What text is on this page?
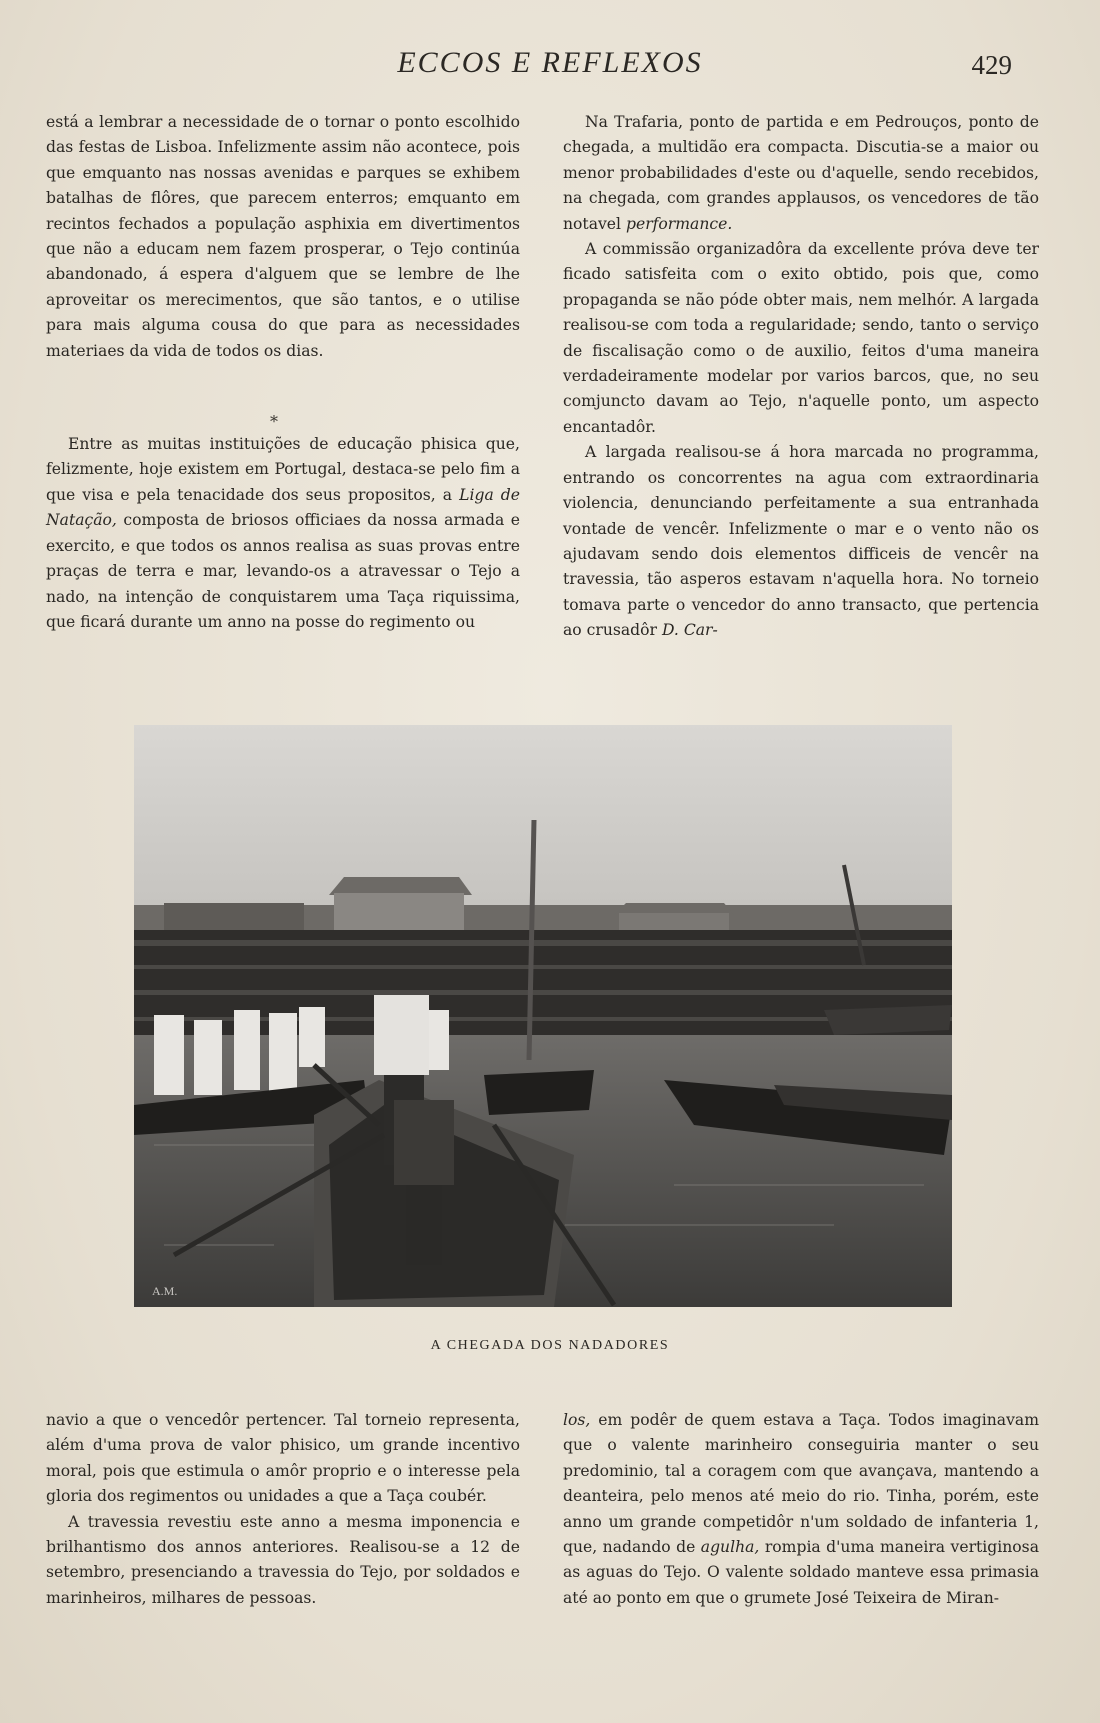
ECCOS E REFLEXOS	429

está a lembrar a necessidade de o tornar o ponto escolhido das festas de Lisboa. Infelizmente assim não acontece, pois que emquanto nas nossas avenidas e parques se exhibem batalhas de flôres, que parecem enterros; emquanto em recintos fechados a população asphixia em divertimentos que não a educam nem fazem prosperar, o Tejo continúa abandonado, á espera d'alguem que se lembre de lhe aproveitar os merecimentos, que são tantos, e o utilise para mais alguma cousa do que para as necessidades materiaes da vida de todos os dias.

Entre as muitas instituições de educação phisica que, felizmente, hoje existem em Portugal, destaca-se pelo fim a que visa e pela tenacidade dos seus propositos, a Liga de Natação, composta de briosos officiaes da nossa armada e exercito, e que todos os annos realisa as suas provas entre praças de terra e mar, levando-os a atravessar o Tejo a nado, na intenção de conquistarem uma Taça riquissima, que ficará durante um anno na posse do regimento ou

*

Na Trafaria, ponto de partida e em Pedrouços, ponto de chegada, a multidão era compacta. Discutia-se a maior ou menor probabilidades d'este ou d'aquelle, sendo recebidos, na chegada, com grandes applausos, os vencedores de tão notavel performance.

A commissão organizadôra da excellente próva deve ter ficado satisfeita com o exito obtido, pois que, como propaganda se não póde obter mais, nem melhór. A largada realisou-se com toda a regularidade; sendo, tanto o serviço de fiscalisação como o de auxilio, feitos d'uma maneira verdadeiramente modelar por varios barcos, que, no seu comjuncto davam ao Tejo, n'aquelle ponto, um aspecto encantadôr.

A largada realisou-se á hora marcada no programma, entrando os concorrentes na agua com extraordinaria violencia, denunciando perfeitamente a sua entranhada vontade de vencêr. Infelizmente o mar e o vento não os ajudavam sendo dois elementos difficeis de vencêr na travessia, tão asperos estavam n'aquella hora. No torneio tomava parte o vencedor do anno transacto, que pertencia ao crusadôr D. Car-

A.M.
A CHEGADA DOS NADADORES

navio a que o vencedôr pertencer. Tal torneio representa, além d'uma prova de valor phisico, um grande incentivo moral, pois que estimula o amôr proprio e o interesse pela gloria dos regimentos ou unidades a que a Taça coubér.

A travessia revestiu este anno a mesma imponencia e brilhantismo dos annos anteriores. Realisou-se a 12 de setembro, presenciando a travessia do Tejo, por soldados e marinheiros, milhares de pessoas.

los, em podêr de quem estava a Taça. Todos imaginavam que o valente marinheiro conseguiria manter o seu predominio, tal a coragem com que avançava, mantendo a deanteira, pelo menos até meio do rio. Tinha, porém, este anno um grande competidôr n'um soldado de infanteria 1, que, nadando de agulha, rompia d'uma maneira vertiginosa as aguas do Tejo. O valente soldado manteve essa primasia até ao ponto em que o grumete José Teixeira de Miran-
